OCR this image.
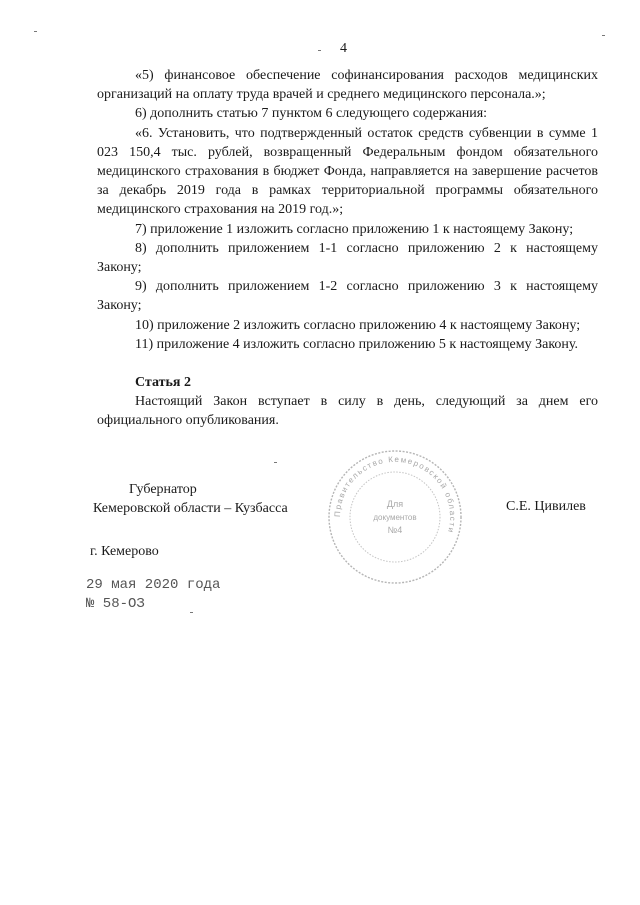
4

«5) финансовое обеспечение софинансирования расходов медицинских организаций на оплату труда врачей и среднего медицинского персонала.»;

6) дополнить статью 7 пунктом 6 следующего содержания:

«6. Установить, что подтвержденный остаток средств субвенции в сумме 1 023 150,4 тыс. рублей, возвращенный Федеральным фондом обязательного медицинского страхования в бюджет Фонда, направляется на завершение расчетов за декабрь 2019 года в рамках территориальной программы обязательного медицинского страхования на 2019 год.»;

7) приложение 1 изложить согласно приложению 1 к настоящему Закону;

8) дополнить приложением 1-1 согласно приложению 2 к настоящему Закону;

9) дополнить приложением 1-2 согласно приложению 3 к настоящему Закону;

10) приложение 2 изложить согласно приложению 4 к настоящему Закону;

11) приложение 4 изложить согласно приложению 5 к настоящему Закону.

Статья 2

Настоящий Закон вступает в силу в день, следующий за днем его официального опубликования.

Губернатор
Кемеровской области – Кузбасса	Правительство Кемеровской области
Для
документов
№4
С.Е. Цивилев
г. Кемерово
29 мая 2020 года
№ 58-ОЗ
